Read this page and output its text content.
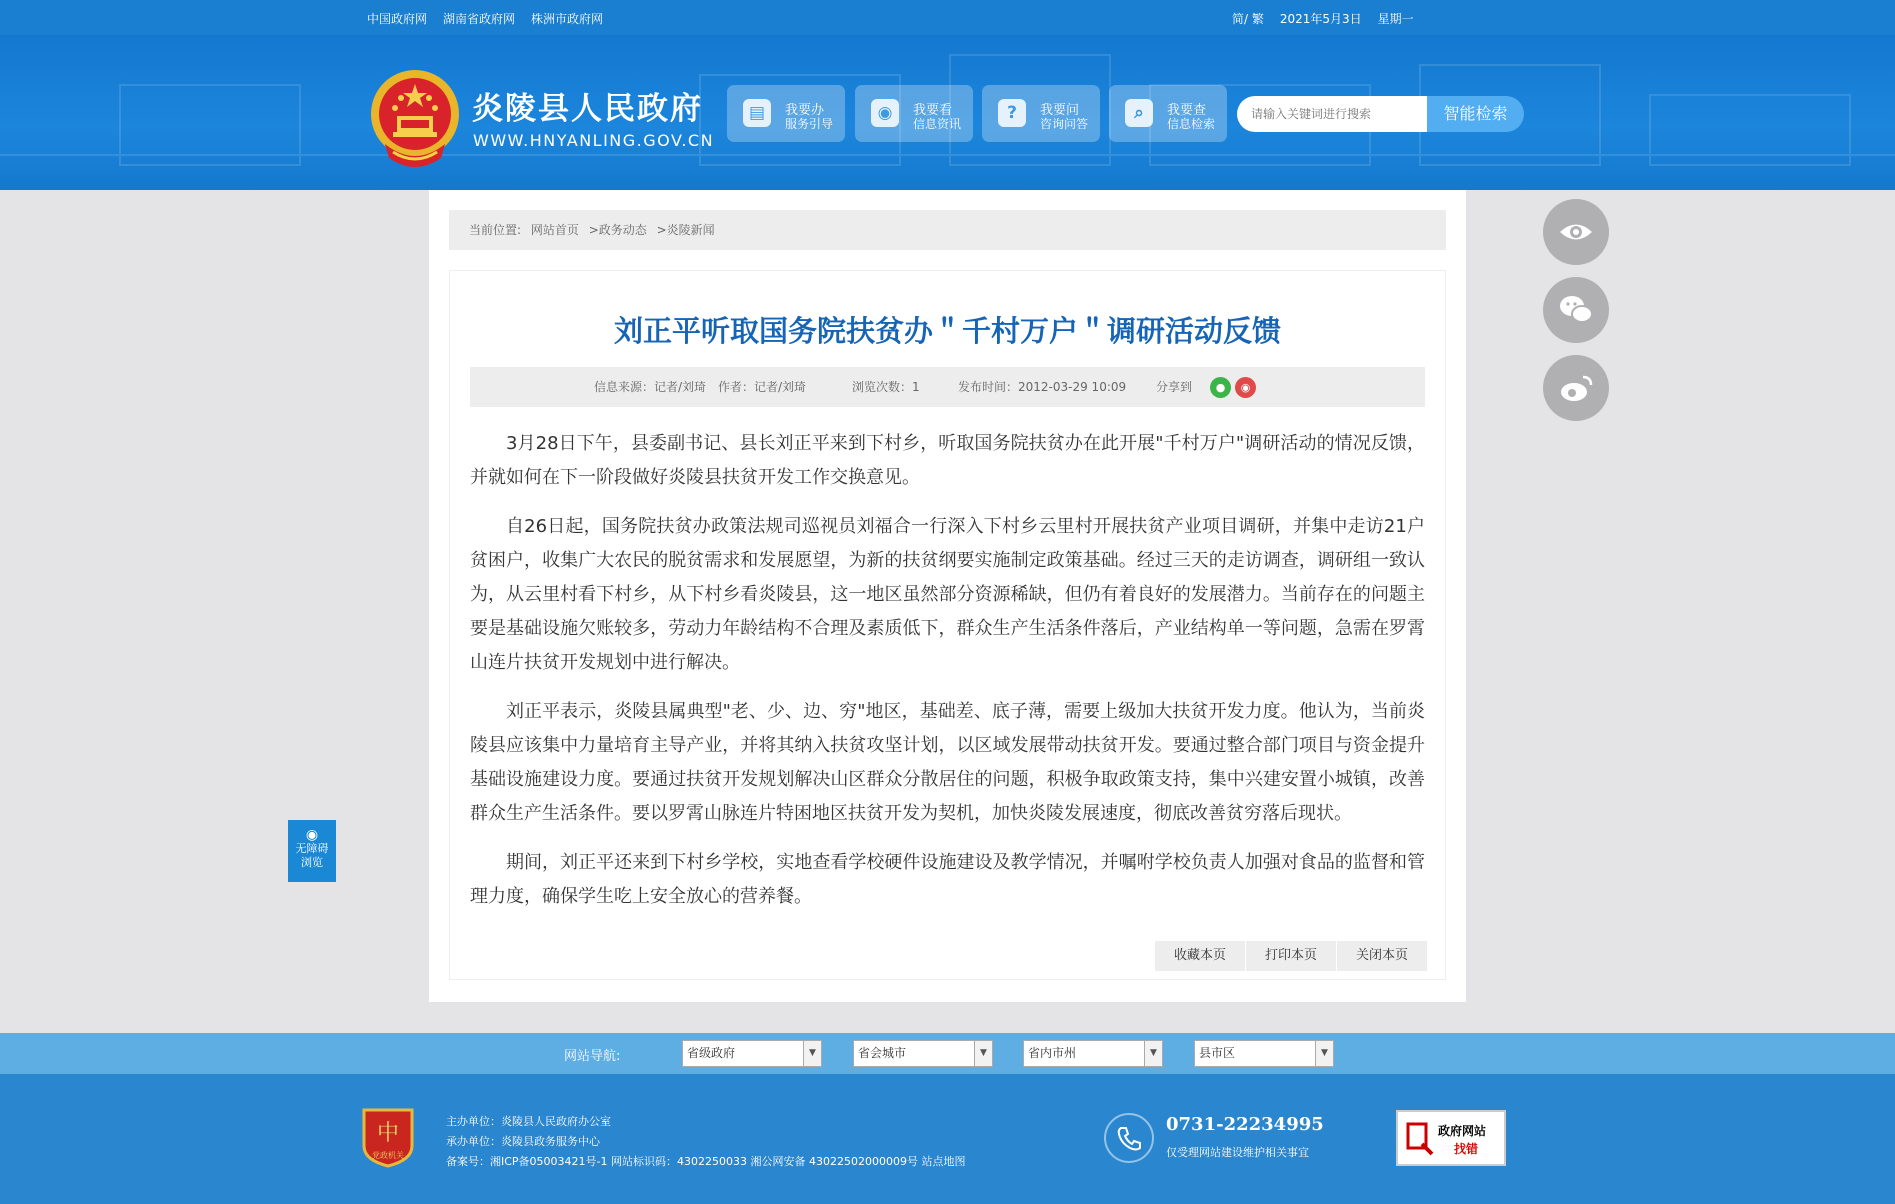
中国政府网 湖南省政府网 株洲市政府网	简/ 繁 2021年5月3日 星期一
炎陵县人民政府
WWW.HNYANLING.GOV.CN
▤	我要办
服务引导
◉	我要看
信息资讯
?	我要问
咨询问答
⌕	我要查
信息检索
请输入关键词进行搜索
智能检索
当前位置: 网站首页 >政务动态 >炎陵新闻
刘正平听取国务院扶贫办＂千村万户＂调研活动反馈
信息来源：记者/刘琦 作者：记者/刘琦	浏览次数：1	发布时间：2012-03-29 10:09 分享到	●	◉

3月28日下午，县委副书记、县长刘正平来到下村乡，听取国务院扶贫办在此开展"千村万户"调研活动的情况反馈，并就如何在下一阶段做好炎陵县扶贫开发工作交换意见。

自26日起，国务院扶贫办政策法规司巡视员刘福合一行深入下村乡云里村开展扶贫产业项目调研，并集中走访21户贫困户，收集广大农民的脱贫需求和发展愿望，为新的扶贫纲要实施制定政策基础。经过三天的走访调查，调研组一致认为，从云里村看下村乡，从下村乡看炎陵县，这一地区虽然部分资源稀缺，但仍有着良好的发展潜力。当前存在的问题主要是基础设施欠账较多，劳动力年龄结构不合理及素质低下，群众生产生活条件落后，产业结构单一等问题，急需在罗霄山连片扶贫开发规划中进行解决。

刘正平表示，炎陵县属典型"老、少、边、穷"地区，基础差、底子薄，需要上级加大扶贫开发力度。他认为，当前炎陵县应该集中力量培育主导产业，并将其纳入扶贫攻坚计划，以区域发展带动扶贫开发。要通过整合部门项目与资金提升基础设施建设力度。要通过扶贫开发规划解决山区群众分散居住的问题，积极争取政策支持，集中兴建安置小城镇，改善群众生产生活条件。要以罗霄山脉连片特困地区扶贫开发为契机，加快炎陵发展速度，彻底改善贫穷落后现状。

期间，刘正平还来到下村乡学校，实地查看学校硬件设施建设及教学情况，并嘱咐学校负责人加强对食品的监督和管理力度，确保学生吃上安全放心的营养餐。

收藏本页	打印本页	关闭本页
◉
无障碍
浏览
网站导航:	省级政府	▼	省会城市	▼	省内市州	▼	县市区	▼
中
党政机关
主办单位：炎陵县人民政府办公室
承办单位：炎陵县政务服务中心
备案号：湘ICP备05003421号-1 网站标识码：4302250033 湘公网安备 43022502000009号 站点地图
0731-22234995
仅受理网站建设维护相关事宜
政府网站
找错
